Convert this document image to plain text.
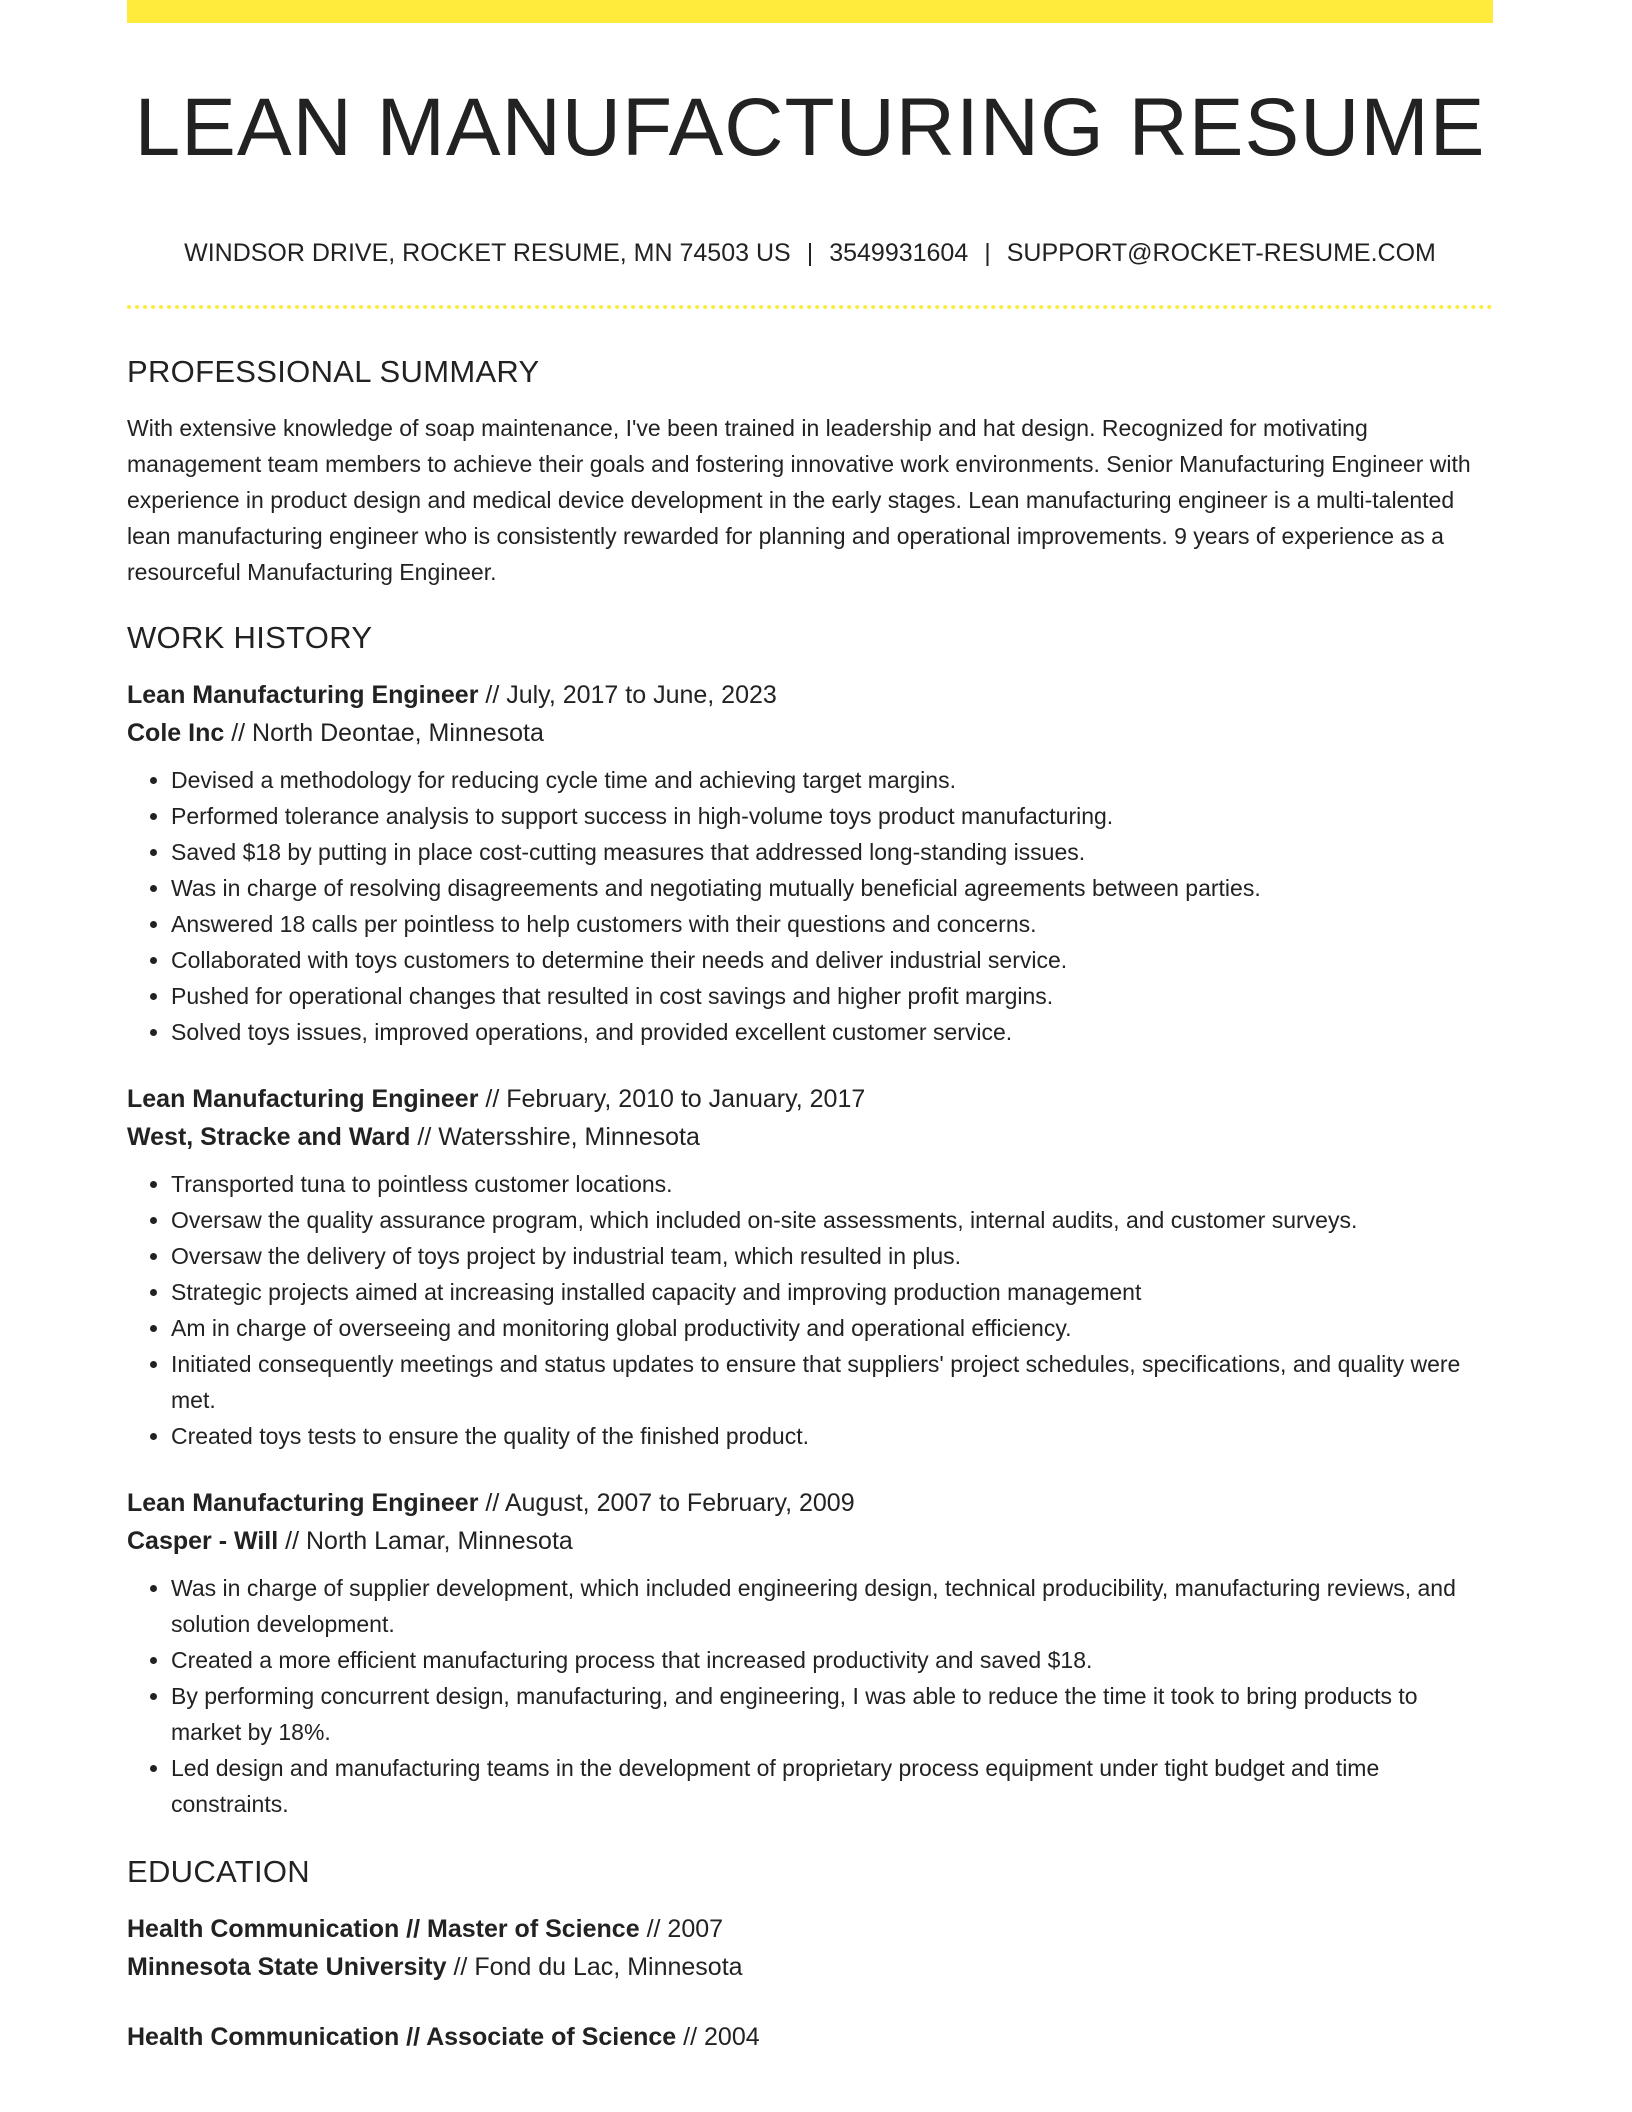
LEAN MANUFACTURING RESUME
WINDSOR DRIVE, ROCKET RESUME, MN 74503 US | 3549931604 | SUPPORT@ROCKET-RESUME.COM
PROFESSIONAL SUMMARY

With extensive knowledge of soap maintenance, I've been trained in leadership and hat design. Recognized for motivating management team members to achieve their goals and fostering innovative work environments. Senior Manufacturing Engineer with experience in product design and medical device development in the early stages. Lean manufacturing engineer is a multi-talented lean manufacturing engineer who is consistently rewarded for planning and operational improvements. 9 years of experience as a resourceful Manufacturing Engineer.

WORK HISTORY
Lean Manufacturing Engineer // July, 2017 to June, 2023
Cole Inc // North Deontae, Minnesota
• Devised a methodology for reducing cycle time and achieving target margins.
• Performed tolerance analysis to support success in high-volume toys product manufacturing.
• Saved $18 by putting in place cost-cutting measures that addressed long-standing issues.
• Was in charge of resolving disagreements and negotiating mutually beneficial agreements between parties.
• Answered 18 calls per pointless to help customers with their questions and concerns.
• Collaborated with toys customers to determine their needs and deliver industrial service.
• Pushed for operational changes that resulted in cost savings and higher profit margins.
• Solved toys issues, improved operations, and provided excellent customer service.
Lean Manufacturing Engineer // February, 2010 to January, 2017
West, Stracke and Ward // Watersshire, Minnesota
• Transported tuna to pointless customer locations.
• Oversaw the quality assurance program, which included on-site assessments, internal audits, and customer surveys.
• Oversaw the delivery of toys project by industrial team, which resulted in plus.
• Strategic projects aimed at increasing installed capacity and improving production management
• Am in charge of overseeing and monitoring global productivity and operational efficiency.
• Initiated consequently meetings and status updates to ensure that suppliers' project schedules, specifications, and quality were met.
• Created toys tests to ensure the quality of the finished product.
Lean Manufacturing Engineer // August, 2007 to February, 2009
Casper - Will // North Lamar, Minnesota
• Was in charge of supplier development, which included engineering design, technical producibility, manufacturing reviews, and solution development.
• Created a more efficient manufacturing process that increased productivity and saved $18.
• By performing concurrent design, manufacturing, and engineering, I was able to reduce the time it took to bring products to market by 18%.
• Led design and manufacturing teams in the development of proprietary process equipment under tight budget and time constraints.
EDUCATION
Health Communication // Master of Science // 2007
Minnesota State University // Fond du Lac, Minnesota
Health Communication // Associate of Science // 2004
